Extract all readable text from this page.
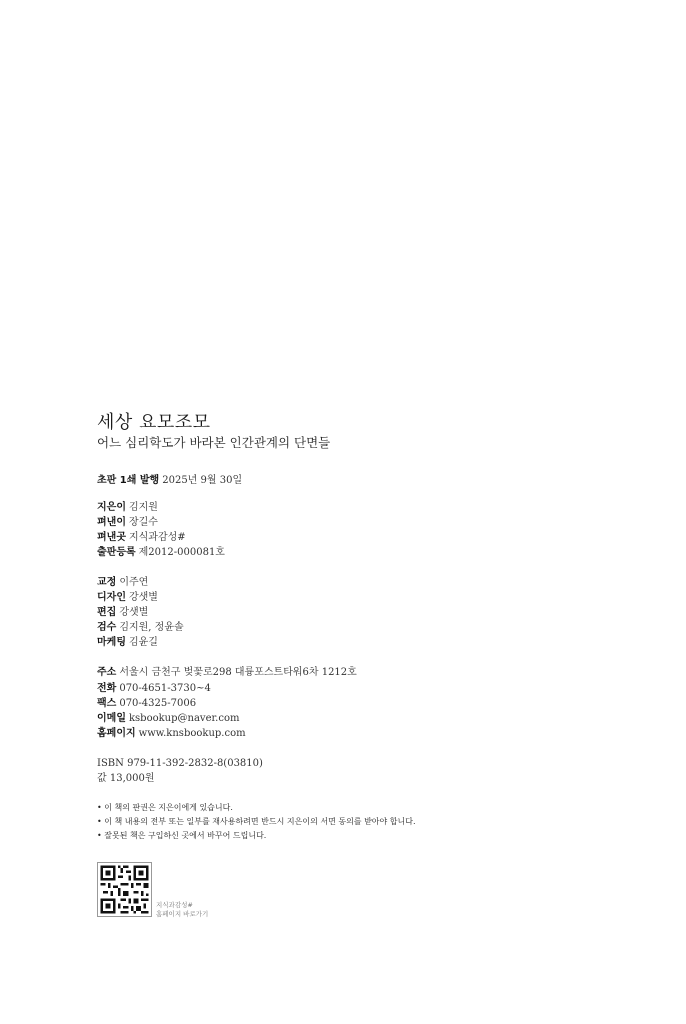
세상 요모조모
어느 심리학도가 바라본 인간관계의 단면들
초판 1쇄 발행 2025년 9월 30일
지은이 김지원
펴낸이 장길수
펴낸곳 지식과감성#
출판등록 제2012-000081호
교정 이주연
디자인 강샛별
편집 강샛별
검수 김지원, 정윤솔
마케팅 김윤길
주소 서울시 금천구 벚꽃로298 대륭포스트타워6차 1212호
전화 070-4651-3730~4
팩스 070-4325-7006
이메일 ksbookup@naver.com
홈페이지 www.knsbookup.com
ISBN 979-11-392-2832-8(03810)
값 13,000원
• 이 책의 판권은 지은이에게 있습니다.
• 이 책 내용의 전부 또는 일부를 재사용하려면 반드시 지은이의 서면 동의를 받아야 합니다.
• 잘못된 책은 구입하신 곳에서 바꾸어 드립니다.
지식과감성#
홈페이지 바로가기
